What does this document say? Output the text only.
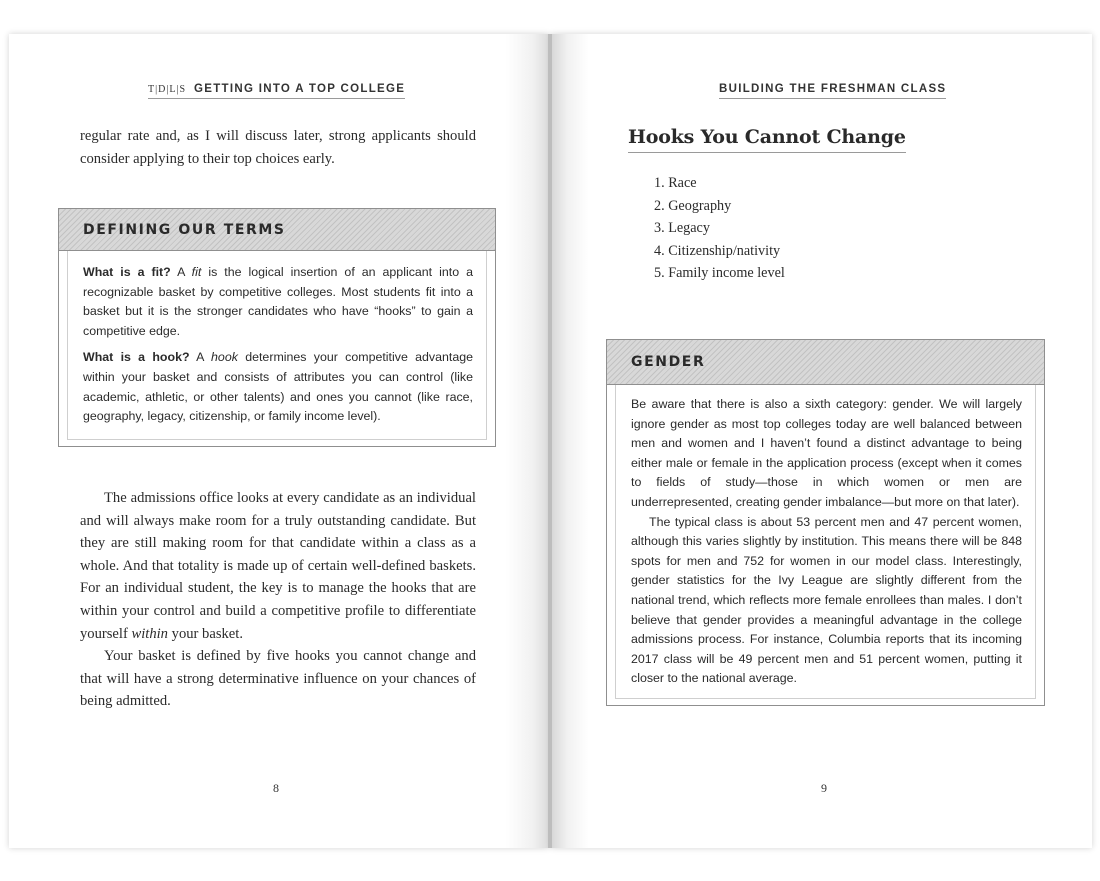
T|D|L|S GETTING INTO A TOP COLLEGE

regular rate and, as I will discuss later, strong applicants should consider applying to their top choices early.

DEFINING OUR TERMS

What is a fit? A fit is the logical insertion of an applicant into a recognizable basket by competitive colleges. Most students fit into a basket but it is the stronger candidates who have “hooks” to gain a competitive edge.

What is a hook? A hook determines your competitive advantage within your basket and consists of attributes you can control (like academic, athletic, or other talents) and ones you cannot (like race, geography, legacy, citizenship, or family income level).

The admissions office looks at every candidate as an individual and will always make room for a truly outstanding candidate. But they are still making room for that candidate within a class as a whole. And that totality is made up of certain well-defined baskets. For an individual student, the key is to manage the hooks that are within your control and build a competitive profile to differentiate yourself within your basket.

Your basket is defined by five hooks you cannot change and that will have a strong determinative influence on your chances of being admitted.

8
BUILDING THE FRESHMAN CLASS
Hooks You Cannot Change
1. Race
2. Geography
3. Legacy
4. Citizenship/nativity
5. Family income level
GENDER

Be aware that there is also a sixth category: gender. We will largely ignore gender as most top colleges today are well balanced between men and women and I haven’t found a distinct advantage to being either male or female in the application process (except when it comes to fields of study—those in which women or men are underrepresented, creating gender imbalance—but more on that later).

The typical class is about 53 percent men and 47 percent women, although this varies slightly by institution. This means there will be 848 spots for men and 752 for women in our model class. Interestingly, gender statistics for the Ivy League are slightly different from the national trend, which reflects more female enrollees than males. I don’t believe that gender provides a meaningful advantage in the college admissions process. For instance, Columbia reports that its incoming 2017 class will be 49 percent men and 51 percent women, putting it closer to the national average.

9
